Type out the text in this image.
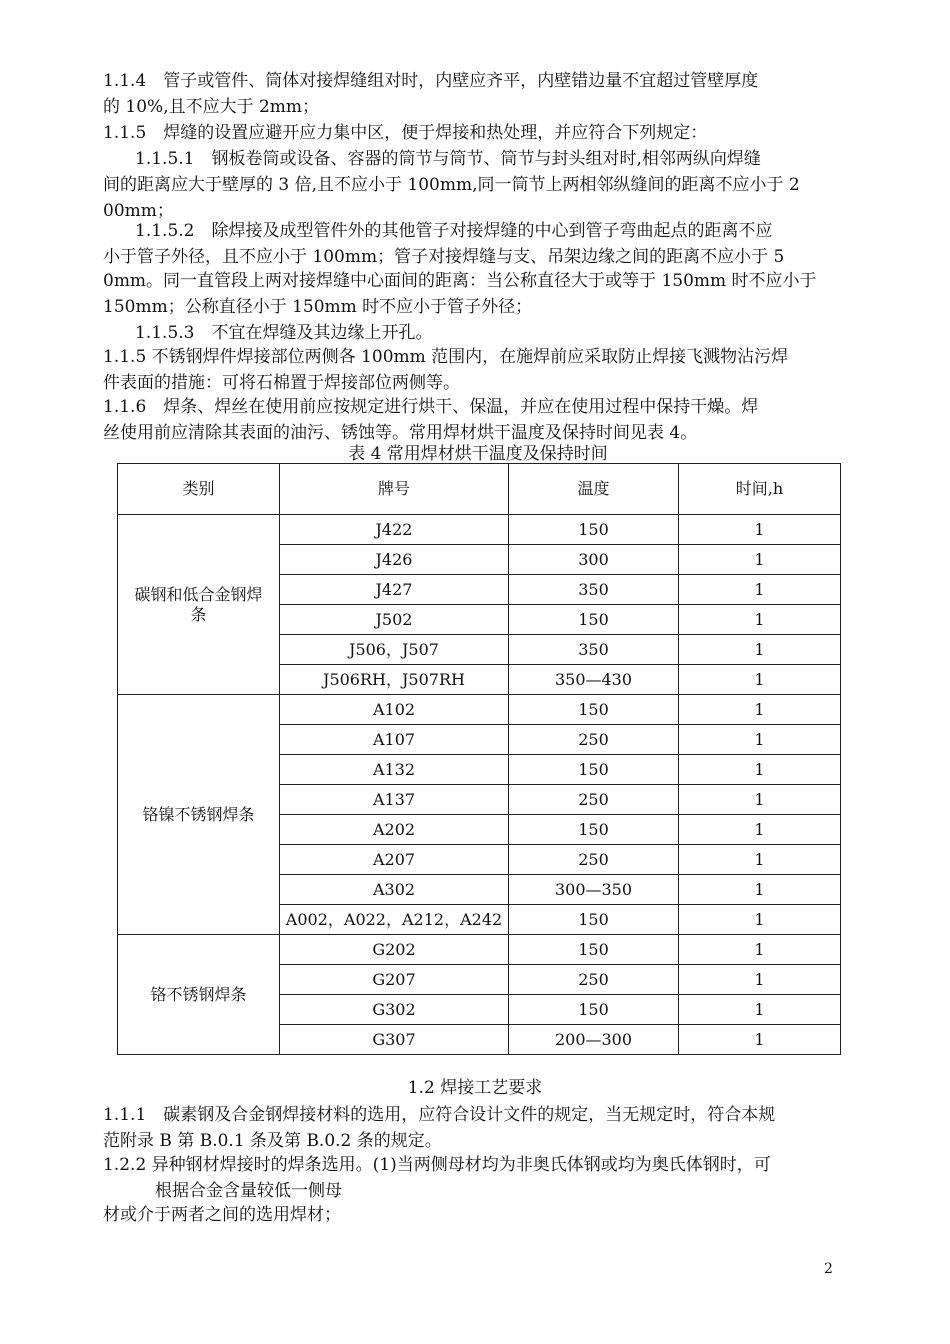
1.1.4　管子或管件、筒体对接焊缝组对时，内壁应齐平，内壁错边量不宜超过管壁厚度
的 10%,且不应大于 2mm；
1.1.5　焊缝的设置应避开应力集中区，便于焊接和热处理，并应符合下列规定：
1.1.5.1　钢板卷筒或设备、容器的筒节与筒节、筒节与封头组对时,相邻两纵向焊缝
间的距离应大于壁厚的 3 倍,且不应小于 100mm,同一筒节上两相邻纵缝间的距离不应小于 2
00mm；
1.1.5.2　除焊接及成型管件外的其他管子对接焊缝的中心到管子弯曲起点的距离不应
小于管子外径，且不应小于 100mm；管子对接焊缝与支、吊架边缘之间的距离不应小于 5
0mm。同一直管段上两对接焊缝中心面间的距离：当公称直径大于或等于 150mm 时不应小于
150mm；公称直径小于 150mm 时不应小于管子外径；
1.1.5.3　不宜在焊缝及其边缘上开孔。
1.1.5 不锈钢焊件焊接部位两侧各 100mm 范围内，在施焊前应采取防止焊接飞溅物沾污焊
件表面的措施：可将石棉置于焊接部位两侧等。
1.1.6　焊条、焊丝在使用前应按规定进行烘干、保温，并应在使用过程中保持干燥。焊
丝使用前应清除其表面的油污、锈蚀等。常用焊材烘干温度及保持时间见表 4。
表 4 常用焊材烘干温度及保持时间
类别	牌号	温度	时间,h
碳钢和低合金钢焊条	J422	150	1
	J426	300	1
	J427	350	1
	J502	150	1
	J506，J507	350	1
	J506RH，J507RH	350—430	1
铬镍不锈钢焊条	A102	150	1
	A107	250	1
	A132	150	1
	A137	250	1
	A202	150	1
	A207	250	1
	A302	300—350	1
	A002，A022，A212，A242	150	1
铬不锈钢焊条	G202	150	1
	G207	250	1
	G302	150	1
	G307	200—300	1
1.2 焊接工艺要求
1.1.1　碳素钢及合金钢焊接材料的选用，应符合设计文件的规定，当无规定时，符合本规
范附录 B 第 B.0.1 条及第 B.0.2 条的规定。
1.2.2 异种钢材焊接时的焊条选用。(1)当两侧母材均为非奥氏体钢或均为奥氏体钢时，可
根据合金含量较低一侧母
材或介于两者之间的选用焊材；
2
